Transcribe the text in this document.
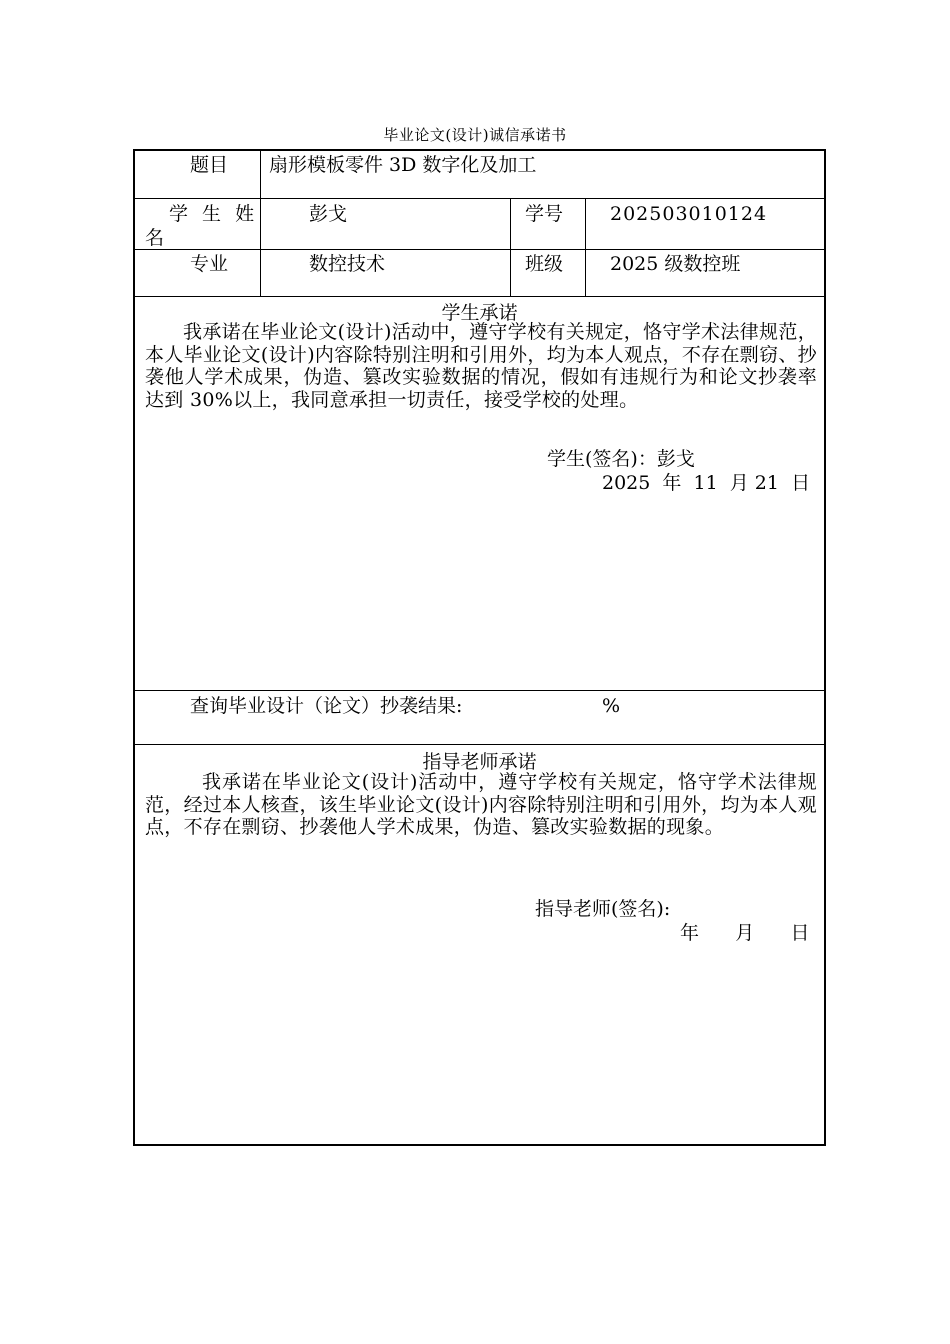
毕业论文(设计)诚信承诺书
题目 扇形模板零件 3D 数字化及加工
学 生 姓
名
彭戈	学号 202503010124
专业	数控技术	班级 2025 级数控班
学生承诺
我承诺在毕业论文(设计)活动中，遵守学校有关规定，恪守学术法律规范，本人毕业论文(设计)内容除特别注明和引用外，均为本人观点，不存在剽窃、抄袭他人学术成果，伪造、篡改实验数据的情况，假如有违规行为和论文抄袭率达到 30%以上，我同意承担一切责任，接受学校的处理。
学生(签名)：彭戈
2025  年  11  月 21  日
查询毕业设计（论文）抄袭结果:	%
指导老师承诺
我承诺在毕业论文(设计)活动中，遵守学校有关规定，恪守学术法律规范，经过本人核查，该生毕业论文(设计)内容除特别注明和引用外，均为本人观点，不存在剽窃、抄袭他人学术成果，伪造、篡改实验数据的现象。
指导老师(签名):
年      月      日
